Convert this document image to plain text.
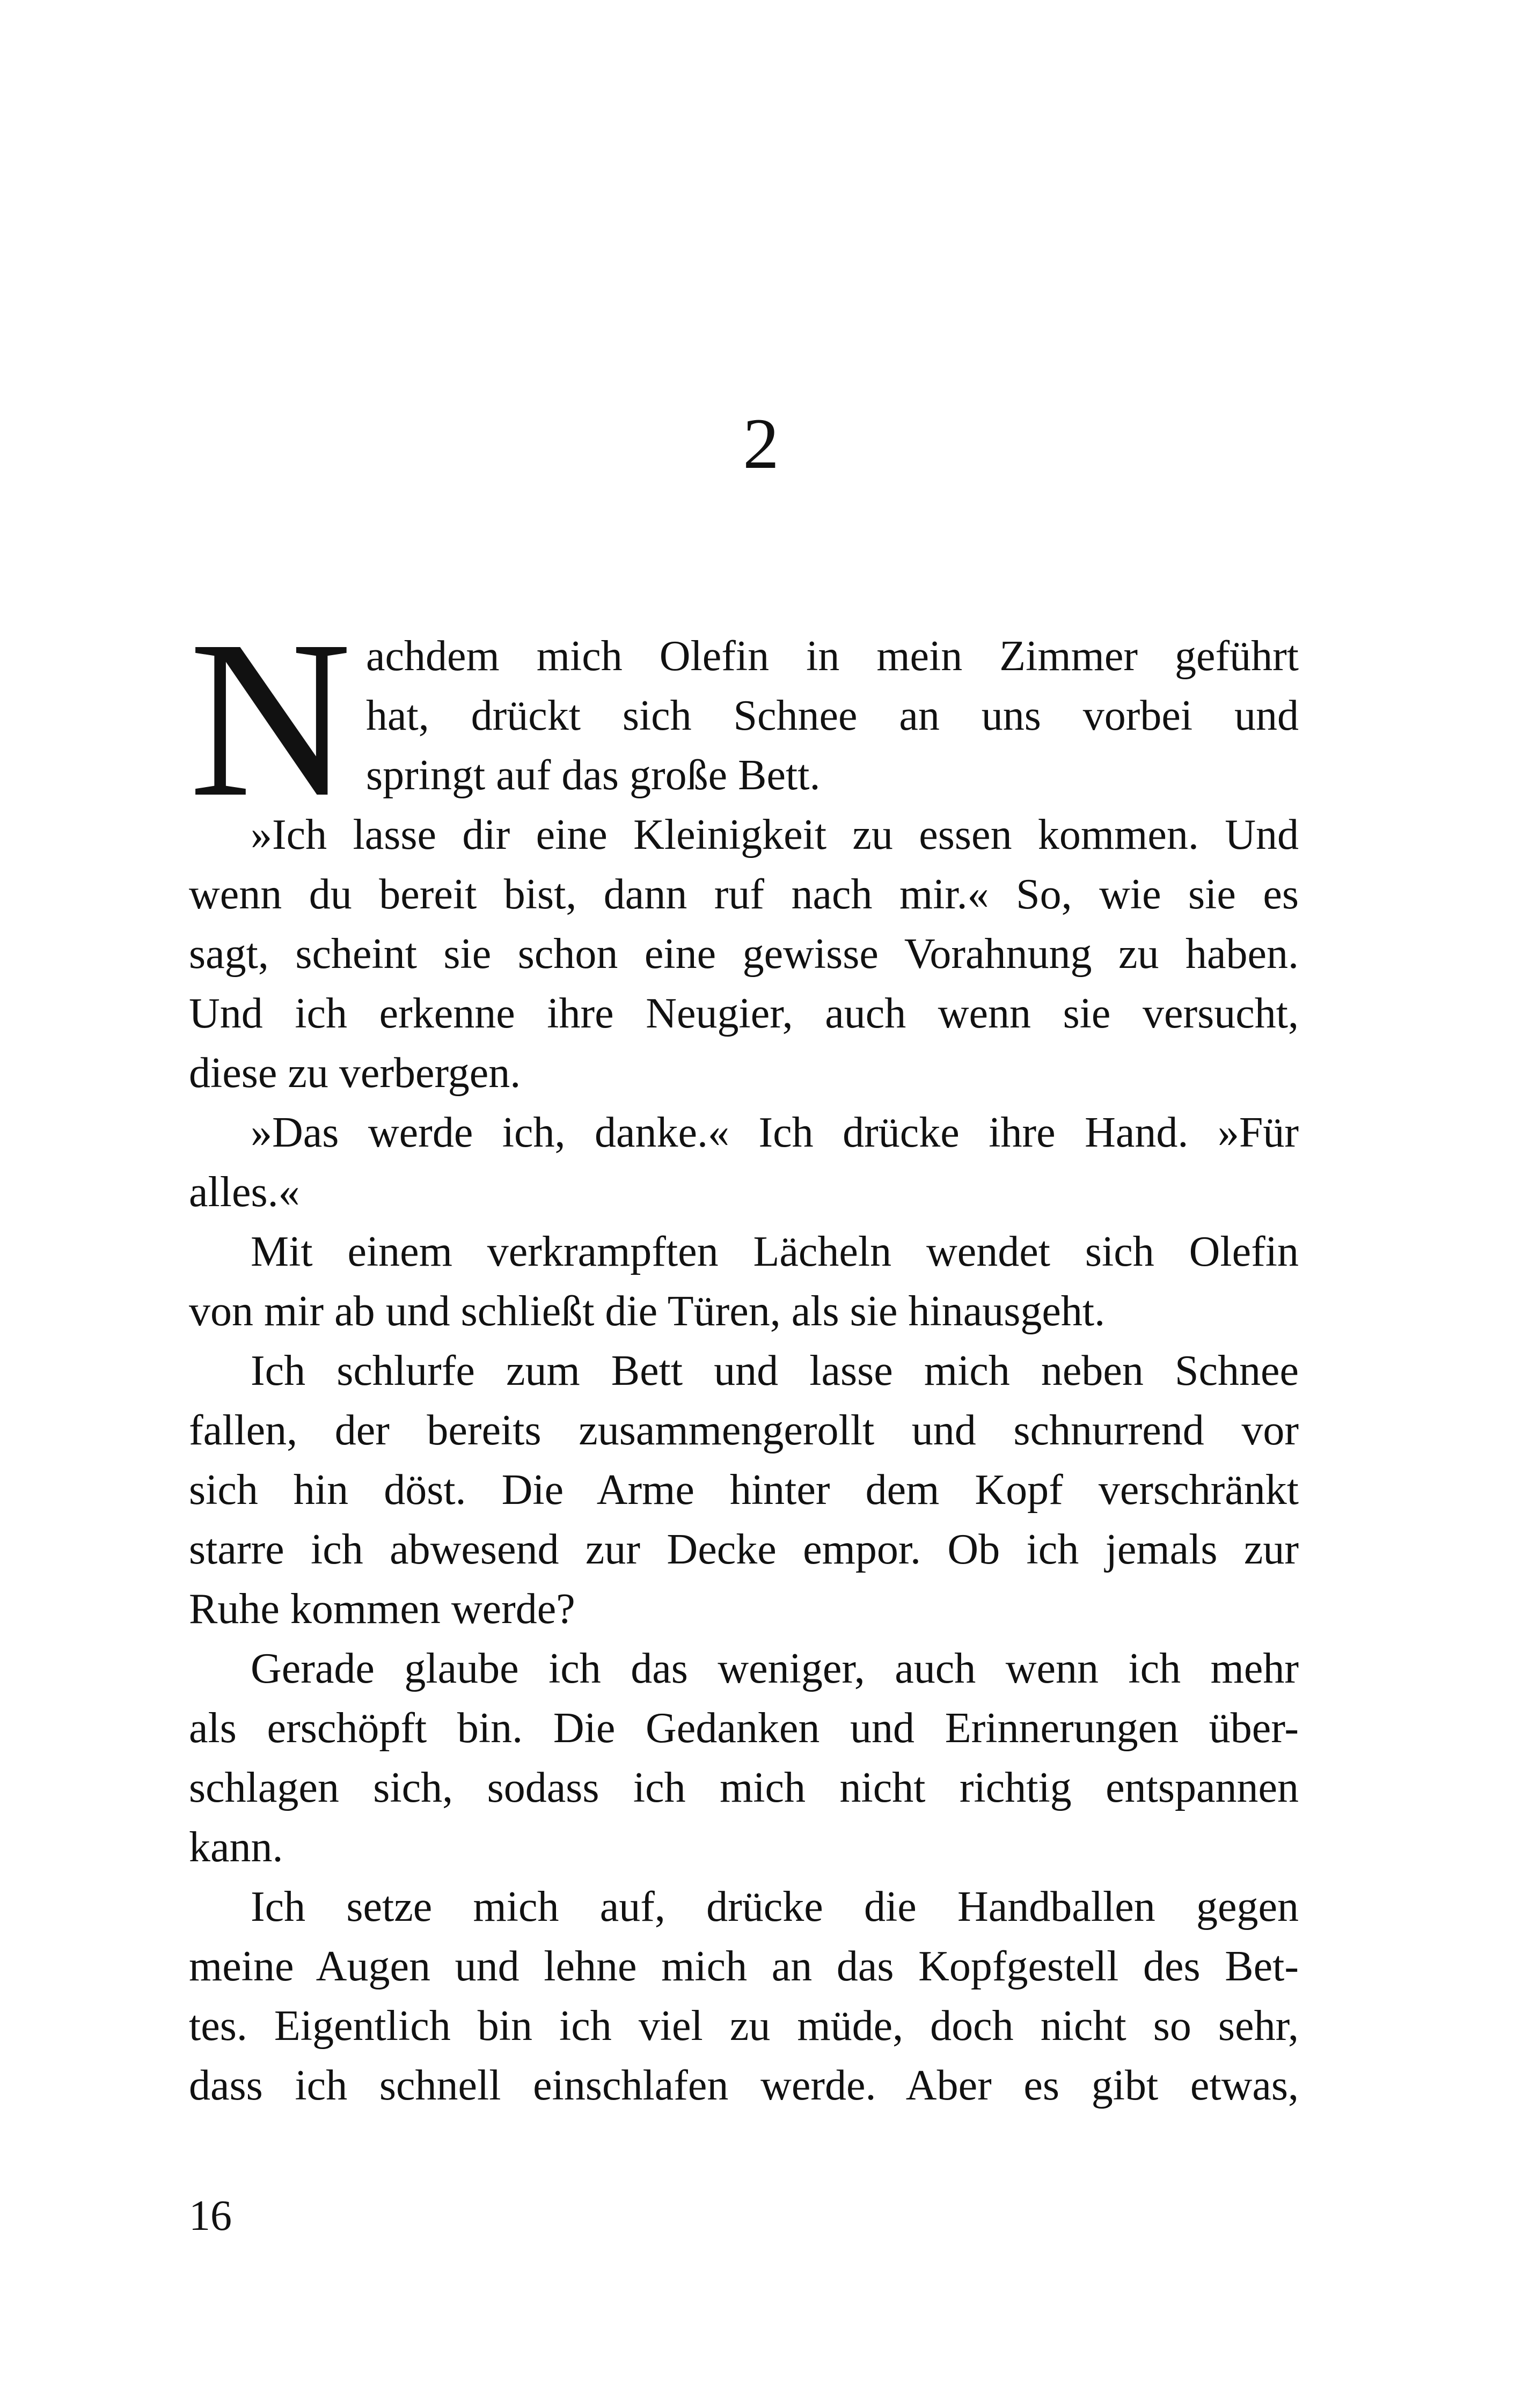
2
N achdem mich Olefin in mein Zimmer geführt
hat, drückt sich Schnee an uns vorbei und
springt auf das große Bett.
»Ich lasse dir eine Kleinigkeit zu essen kommen. Und
wenn du bereit bist, dann ruf nach mir.« So, wie sie es
sagt, scheint sie schon eine gewisse Vorahnung zu haben.
Und ich erkenne ihre Neugier, auch wenn sie versucht,
diese zu verbergen.
»Das werde ich, danke.« Ich drücke ihre Hand. »Für
alles.«
Mit einem verkrampften Lächeln wendet sich Olefin
von mir ab und schließt die Türen, als sie hinausgeht.
Ich schlurfe zum Bett und lasse mich neben Schnee
fallen, der bereits zusammengerollt und schnurrend vor
sich hin döst. Die Arme hinter dem Kopf verschränkt
starre ich abwesend zur Decke empor. Ob ich jemals zur
Ruhe kommen werde?
Gerade glaube ich das weniger, auch wenn ich mehr
als erschöpft bin. Die Gedanken und Erinnerungen über-
schlagen sich, sodass ich mich nicht richtig entspannen
kann.
Ich setze mich auf, drücke die Handballen gegen
meine Augen und lehne mich an das Kopfgestell des Bet-
tes. Eigentlich bin ich viel zu müde, doch nicht so sehr,
dass ich schnell einschlafen werde. Aber es gibt etwas,
16
